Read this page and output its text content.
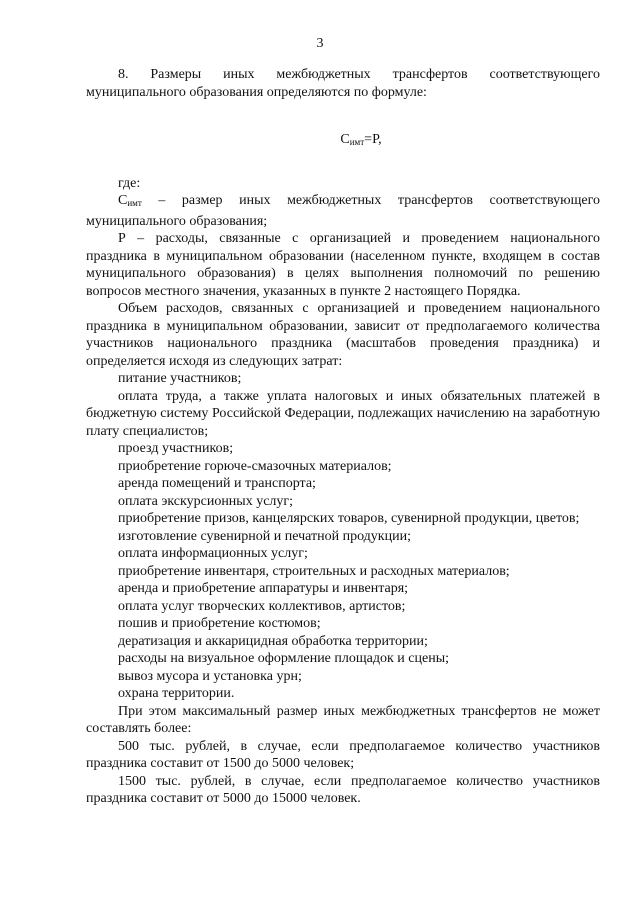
3

8. Размеры иных межбюджетных трансфертов соответствующего муниципального образования определяются по формуле:

$С_{имт}=Р$,

где:

$С_{имт}$ – размер иных межбюджетных трансфертов соответствующего муниципального образования;

Р – расходы, связанные с организацией и проведением национального праздника в муниципальном образовании (населенном пункте, входящем в состав муниципального образования) в целях выполнения полномочий по решению вопросов местного значения, указанных в пункте 2 настоящего Порядка.

Объем расходов, связанных с организацией и проведением национального праздника в муниципальном образовании, зависит от предполагаемого количества участников национального праздника (масштабов проведения праздника) и определяется исходя из следующих затрат:

питание участников;

оплата труда, а также уплата налоговых и иных обязательных платежей в бюджетную систему Российской Федерации, подлежащих начислению на заработную плату специалистов;

проезд участников;

приобретение горюче-смазочных материалов;

аренда помещений и транспорта;

оплата экскурсионных услуг;

приобретение призов, канцелярских товаров, сувенирной продукции, цветов;

изготовление сувенирной и печатной продукции;

оплата информационных услуг;

приобретение инвентаря, строительных и расходных материалов;

аренда и приобретение аппаратуры и инвентаря;

оплата услуг творческих коллективов, артистов;

пошив и приобретение костюмов;

дератизация и аккарицидная обработка территории;

расходы на визуальное оформление площадок и сцены;

вывоз мусора и установка урн;

охрана территории.

При этом максимальный размер иных межбюджетных трансфертов не может составлять более:

500 тыс. рублей, в случае, если предполагаемое количество участников праздника составит от 1500 до 5000 человек;

1500 тыс. рублей, в случае, если предполагаемое количество участников праздника составит от 5000 до 15000 человек.
